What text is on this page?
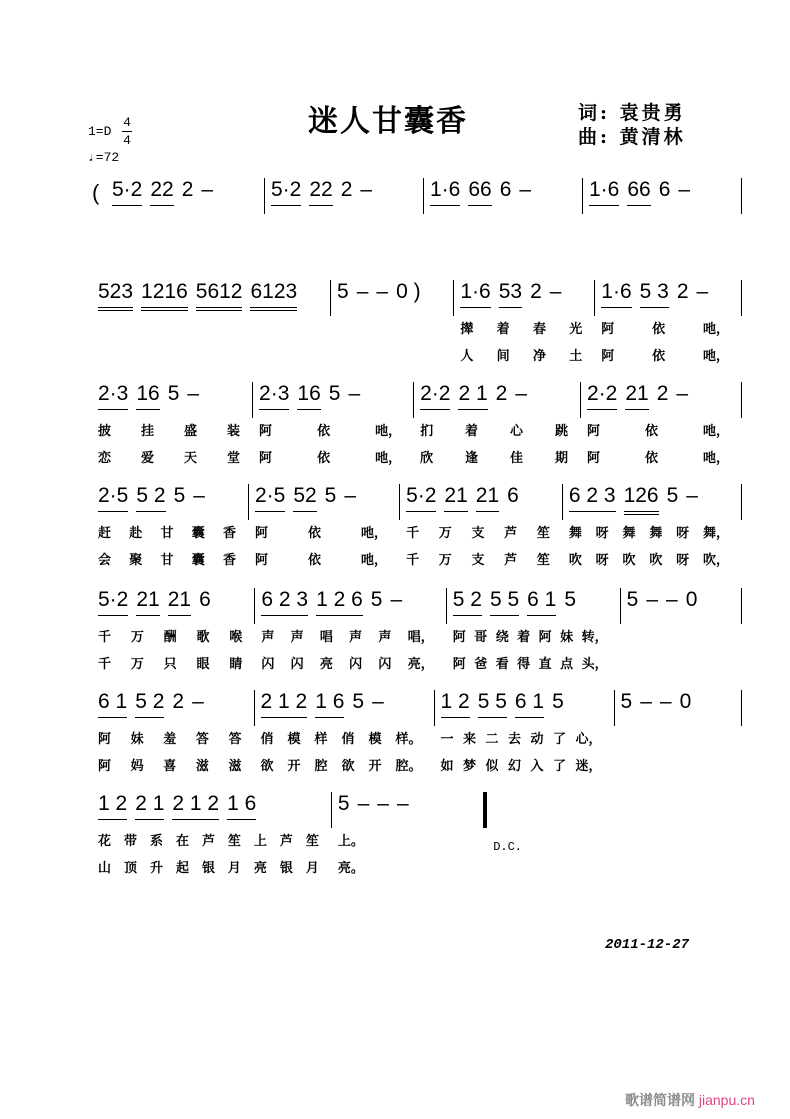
迷人甘囊香	词: 袁贵勇
曲: 黄清林
1=D
4
4
♩=72
( 5·2 22 2 –	5·2 22 2 –	1·6 66 6 –	1·6 66 6 –
523 1216 5612 6123 5 – – 0 ) 1·6 53 2 –
撵 着 春 光
人 间 净 土
1·6 5 3 2 –
阿	依	吔，
阿	依	吔，
2·3 16 5 –
披 挂 盛 装
恋 爱 天 堂
2·3 16 5 –
阿	依	吔，
阿	依	吔，
2·2 2 1 2 –
扪 着 心 跳
欣 逢 佳 期
2·2 21 2 –
阿	依	吔，
阿	依	吔，
2·5 5 2 5 –
赶 赴 甘 囊 香
会 聚 甘 囊 香
2·5 52 5 –
阿	依	吔，
阿	依	吔，
5·2 21 21 6
千 万 支 芦 笙
千 万 支 芦 笙
6 2 3 126 5 –
舞 呀 舞 舞 呀 舞，
吹 呀 吹 吹 呀 吹，
5·2 21 21 6
千 万 酬 歌 喉
千 万 只 眼 睛
6 2 3 1 2 6 5 –
声 声 唱 声 声 唱，
闪 闪 亮 闪 闪 亮，
5 2 5 5 6 1 5
阿 哥 绕 着 阿 妹 转，
阿 爸 看 得 直 点 头，
5 – – 0
6 1 5 2 2 –
阿 妹 羞 答 答
阿 妈 喜 滋 滋
2 1 2 1 6 5 –
俏 模 样 俏 模 样。
欲 开 腔 欲 开 腔。
1 2 5 5 6 1 5
一 来 二 去 动 了 心，
如 梦 似 幻 入 了 迷，
5 – – 0
1 2 2 1 2 1 2 1 6
花 带 系 在 芦 笙 上 芦 笙
山 顶 升 起 银 月 亮 银 月
5 – – –
上。
亮。
D.C.
2011-12-27
歌谱简谱网 jianpu.cn
